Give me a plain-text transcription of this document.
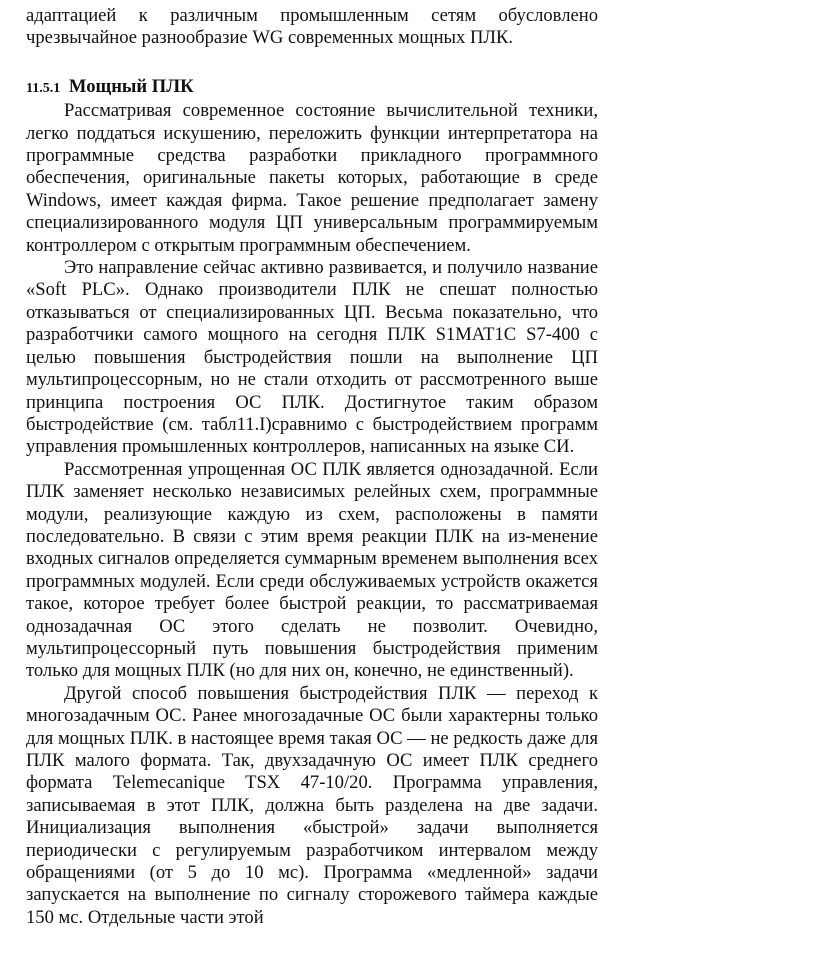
адаптацией к различным промышленным сетям обусловлено чрезвычайное разнообразие WG современных мощных ПЛК.

11.5.1 Мощный ПЛК

Рассматривая современное состояние вычислительной техники, легко поддаться искушению, переложить функции интерпретатора на программные средства разработки прикладного программного обеспечения, оригинальные пакеты которых, работающие в среде Windows, имеет каждая фирма. Такое решение предполагает замену специализированного модуля ЦП универсальным программируемым контроллером с открытым программным обеспечением.

Это направление сейчас активно развивается, и получило название «Soft PLC». Однако производители ПЛК не спешат полностью отказываться от специализированных ЦП. Весьма показательно, что разработчики самого мощного на сегодня ПЛК S1MAT1C S7-400 с целью повышения быстродействия пошли на выполнение ЦП мультипроцессорным, но не стали отходить от рассмотренного выше принципа построения ОС ПЛК. Достигнутое таким образом быстродействие (см. табл11.I)сравнимо с быстродействием программ управления промышленных контроллеров, написанных на языке СИ.

Рассмотренная упрощенная ОС ПЛК является однозадачной. Если ПЛК заменяет несколько независимых релейных схем, программные модули, реализующие каждую из схем, расположены в памяти последовательно. В связи с этим время реакции ПЛК на из-менение входных сигналов определяется суммарным временем выполнения всех программных модулей. Если среди обслуживаемых устройств окажется такое, которое требует более быстрой реакции, то рассматриваемая однозадачная ОС этого сделать не позволит. Очевидно, мультипроцессорный путь повышения быстродействия применим только для мощных ПЛК (но для них он, конечно, не единственный).

Другой способ повышения быстродействия ПЛК — переход к многозадачным ОС. Ранее многозадачные ОС были характерны только для мощных ПЛК. в настоящее время такая ОС — не редкость даже для ПЛК малого формата. Так, двухзадачную ОС имеет ПЛК среднего формата Telemecanique TSX 47-10/20. Программа управления, записываемая в этот ПЛК, должна быть разделена на две задачи. Инициализация выполнения «быстрой» задачи выполняется периодически с регулируемым разработчиком интервалом между обращениями (от 5 до 10 мс). Программа «медленной» задачи запускается на выполнение по сигналу сторожевого таймера каждые 150 мс. Отдельные части этой
